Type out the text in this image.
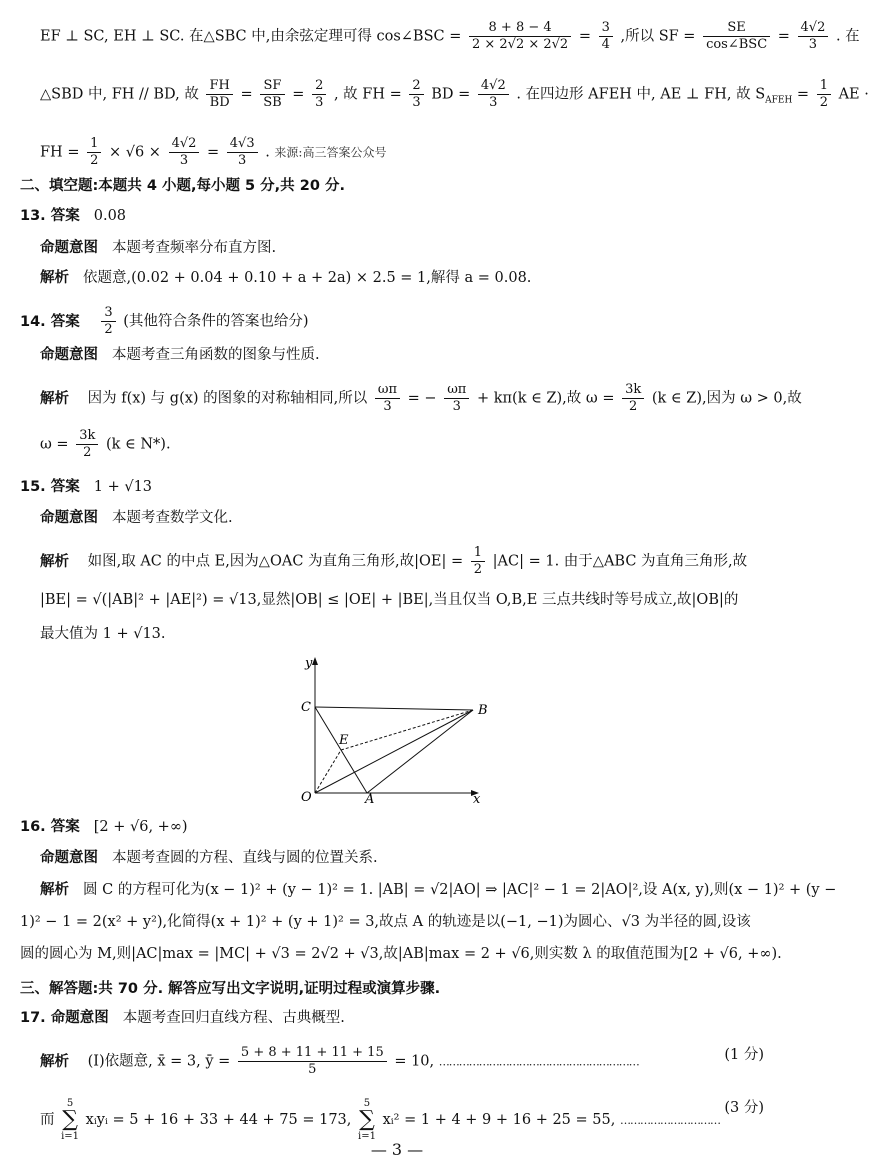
EF ⊥ SC, EH ⊥ SC. 在△SBC 中,由余弦定理可得 cos∠BSC = $\frac{8 + 8 - 4}{2 \times 2√2 \times 2√2} = \frac{3}{4}$ ,所以 SF =
SE
cos∠BSC = $\frac{4√2}{3}$ . 在
△SBD 中, FH // BD, 故 $\frac{FH}{BD} = \frac{SF}{SB} = \frac{2}{3}$ , 故 FH = $\frac{2}{3}$ BD = $\frac{4√2}{3}$ . 在四边形 AFEH 中, AE ⊥ FH, 故 $S_{AFEH} = \frac{1}{2}$ AE ·
FH = $\frac{1}{2} \times √6 \times \frac{4√2}{3} = \frac{4√3}{3}$ . 来源:高三答案公众号
二、填空题:本题共 4 小题,每小题 5 分,共 20 分.
13. 答案 0.08
命题意图 本题考查频率分布直方图.
解析 依题意,(0.02 + 0.04 + 0.10 + a + 2a) × 2.5 = 1,解得 a = 0.08.
14. 答案 $\frac{3}{2}$ (其他符合条件的答案也给分)
命题意图 本题考查三角函数的图象与性质.
解析 因为 f(x) 与 g(x) 的图象的对称轴相同,所以 $\frac{\omega\pi}{3}$ = − $\frac{\omega\pi}{3} + k\pi(k$ ∈ Z),故 $\omega = \frac{3k}{2} (k$ ∈ Z),因为 ω > 0,故
$\omega = \frac{3k}{2} (k$ ∈ N*).
15. 答案 1 + √13
命题意图 本题考查数学文化.
解析 如图,取 AC 的中点 E,因为△OAC 为直角三角形,故$|OE| = \frac{1}{2} |AC| = 1$. 由于△ABC 为直角三角形,故
|BE| = √(|AB|² + |AE|²) = √13,显然|OB| ≤ |OE| + |BE|,当且仅当 O,B,E 三点共线时等号成立,故|OB|的
最大值为 1 + √13.
y
x
O	A
B
C
E
16. 答案 [2 + √6, +∞)
命题意图 本题考查圆的方程、直线与圆的位置关系.
解析 圆 C 的方程可化为(x − 1)² + (y − 1)² = 1. |AB| = √2|AO| ⇒ |AC|² − 1 = 2|AO|²,设 A(x, y),则(x − 1)² + (y −
1)² − 1 = 2(x² + y²),化简得(x + 1)² + (y + 1)² = 3,故点 A 的轨迹是以(−1, −1)为圆心、√3 为半径的圆,设该
圆的圆心为 M,则|AC|max = |MC| + √3 = 2√2 + √3,故|AB|max = 2 + √6,则实数 λ 的取值范围为[2 + √6, +∞).
三、解答题:共 70 分. 解答应写出文字说明,证明过程或演算步骤.
17. 命题意图 本题考查回归直线方程、古典概型.
解析 (Ⅰ)依题意, x̄ = 3, ȳ = $\frac{5 + 8 + 11 + 11 + 15}{5} = 10$, ……………………………………………………	(1 分)
而 5
∑
i=1 xᵢyᵢ = 5 + 16 + 33 + 44 + 75 = 173, 5
∑
i=1 xᵢ² = 1 + 4 + 9 + 16 + 25 = 55, …………………………
(3 分)
— 3 —
